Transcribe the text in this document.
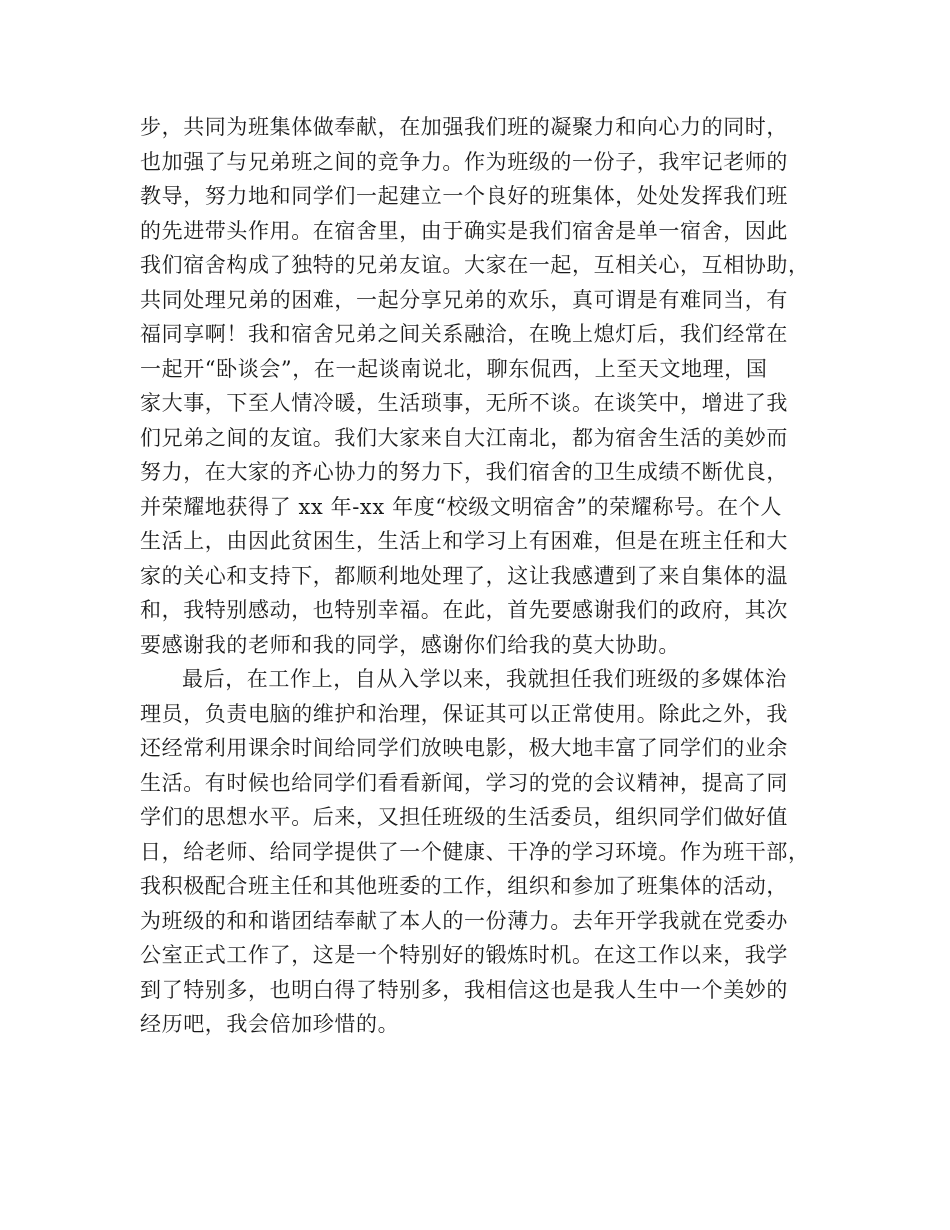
步，共同为班集体做奉献，在加强我们班的凝聚力和向心力的同时，
也加强了与兄弟班之间的竞争力。作为班级的一份子，我牢记老师的
教导，努力地和同学们一起建立一个良好的班集体，处处发挥我们班
的先进带头作用。在宿舍里，由于确实是我们宿舍是单一宿舍，因此
我们宿舍构成了独特的兄弟友谊。大家在一起，互相关心，互相协助，
共同处理兄弟的困难，一起分享兄弟的欢乐，真可谓是有难同当，有
福同享啊！我和宿舍兄弟之间关系融洽，在晚上熄灯后，我们经常在
一起开“卧谈会”，在一起谈南说北，聊东侃西，上至天文地理，国
家大事，下至人情冷暖，生活琐事，无所不谈。在谈笑中，增进了我
们兄弟之间的友谊。我们大家来自大江南北，都为宿舍生活的美妙而
努力，在大家的齐心协力的努力下，我们宿舍的卫生成绩不断优良，
并荣耀地获得了 xx 年-xx 年度“校级文明宿舍”的荣耀称号。在个人
生活上，由因此贫困生，生活上和学习上有困难，但是在班主任和大
家的关心和支持下，都顺利地处理了，这让我感遭到了来自集体的温
和，我特别感动，也特别幸福。在此，首先要感谢我们的政府，其次
要感谢我的老师和我的同学，感谢你们给我的莫大协助。
最后，在工作上，自从入学以来，我就担任我们班级的多媒体治
理员，负责电脑的维护和治理，保证其可以正常使用。除此之外，我
还经常利用课余时间给同学们放映电影，极大地丰富了同学们的业余
生活。有时候也给同学们看看新闻，学习的党的会议精神，提高了同
学们的思想水平。后来，又担任班级的生活委员，组织同学们做好值
日，给老师、给同学提供了一个健康、干净的学习环境。作为班干部，
我积极配合班主任和其他班委的工作，组织和参加了班集体的活动，
为班级的和和谐团结奉献了本人的一份薄力。去年开学我就在党委办
公室正式工作了，这是一个特别好的锻炼时机。在这工作以来，我学
到了特别多，也明白得了特别多，我相信这也是我人生中一个美妙的
经历吧，我会倍加珍惜的。
